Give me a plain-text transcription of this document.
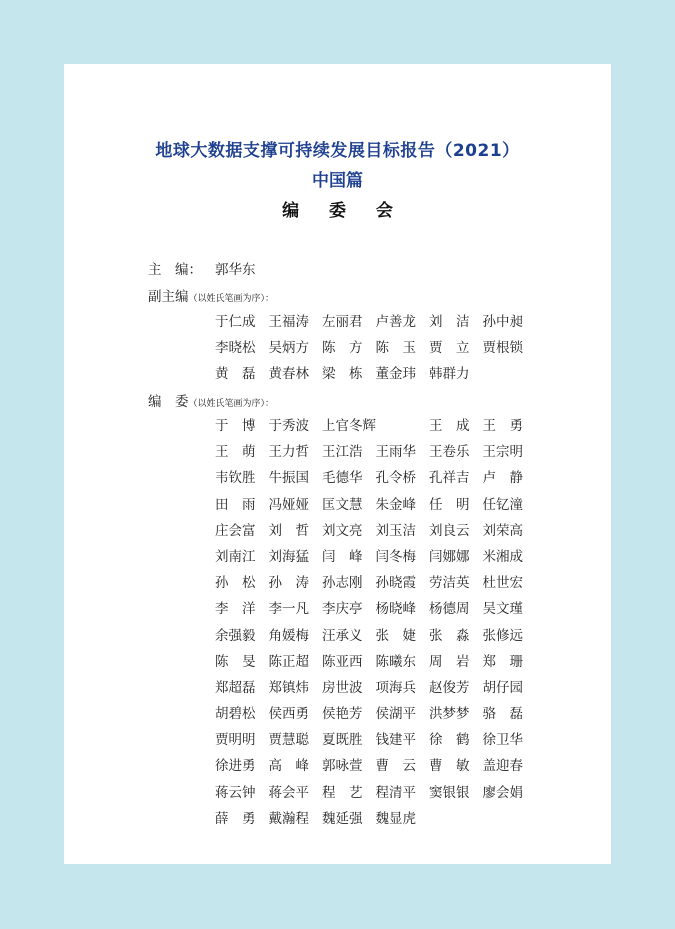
地球大数据支撑可持续发展目标报告（2021）
中国篇
编 委 会
主　编： 郭华东
副主编（以姓氏笔画为序）：
于仁成 王福涛 左丽君 卢善龙 刘　洁 孙中昶
李晓松 吴炳方 陈　方 陈　玉 贾　立 贾根锁
黄　磊 黄春林 梁　栋 董金玮 韩群力
编　委（以姓氏笔画为序）：
于　博 于秀波 上官冬辉	王　成 王　勇
王　萌 王力哲 王江浩 王雨华 王卷乐 王宗明
韦钦胜 牛振国 毛德华 孔令桥 孔祥吉 卢　静
田　雨 冯娅娅 匡文慧 朱金峰 任　明 任钇潼
庄会富 刘　哲 刘文亮 刘玉洁 刘良云 刘荣高
刘南江 刘海猛 闫　峰 闫冬梅 闫娜娜 米湘成
孙　松 孙　涛 孙志刚 孙晓霞 劳洁英 杜世宏
李　洋 李一凡 李庆亭 杨晓峰 杨德周 吴文瑾
余强毅 角媛梅 汪承义 张　婕 张　淼 张修远
陈　旻 陈正超 陈亚西 陈曦东 周　岩 郑　珊
郑超磊 郑镇炜 房世波 项海兵 赵俊芳 胡仔园
胡碧松 侯西勇 侯艳芳 侯湖平 洪梦梦 骆　磊
贾明明 贾慧聪 夏既胜 钱建平 徐　鹤 徐卫华
徐进勇 高　峰 郭咏萱 曹　云 曹　敏 盖迎春
蒋云钟 蒋会平 程　艺 程清平 窦银银 廖会娟
薛　勇 戴瀚程 魏延强 魏显虎
